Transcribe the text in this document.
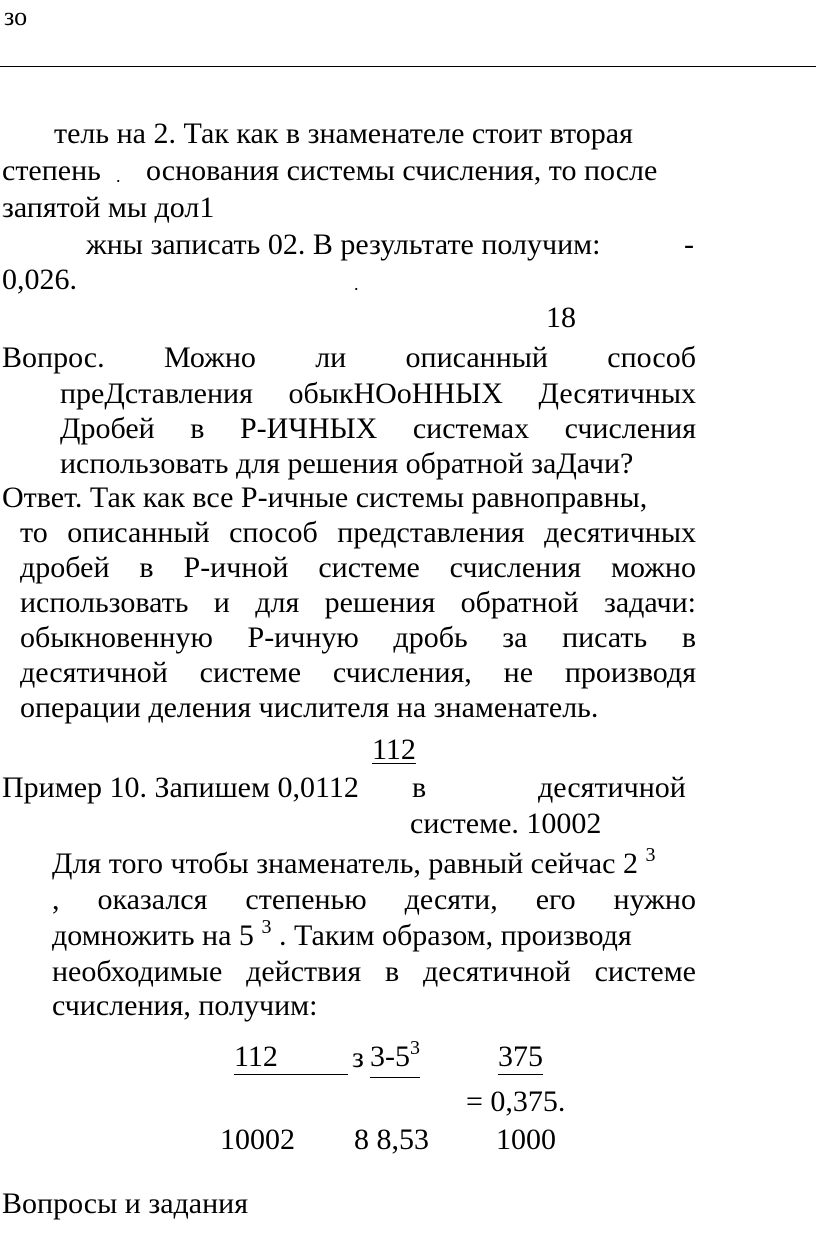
зо
тель на 2. Так как в знаменателе стоит вторая
степень . основания системы счисления, то после
запятой мы дол1
жны записать 02. В результате получим:	-
0,026.	.
18
Вопрос. Можно ли описанный способ
преДставления обыкНОоННЫХ Десятичных
Дробей в Р-ИЧНЫХ системах счисления
использовать для решения обратной заДачи?
Ответ. Так как все Р-ичные системы равноправны,
то описанный способ представления десятичных
дробей в Р-ичной системе счисления можно
использовать и для решения обратной задачи:
обыкновенную Р-ичную дробь за писать в
десятичной системе счисления, не производя
операции деления числителя на знаменатель.
112
Пример 10. Запишем 0,0112 в	десятичной
системе. 10002
Для того чтобы знаменатель, равный сейчас 2 $^3$
, оказался степенью десяти, его нужно
домножить на 5 $^3$ . Таким образом, производя
необходимые действия в десятичной системе
счисления, получим:
112	з $3-5^3$	375
= 0,375.
10002 8 8,53 1000
Вопросы и задания
